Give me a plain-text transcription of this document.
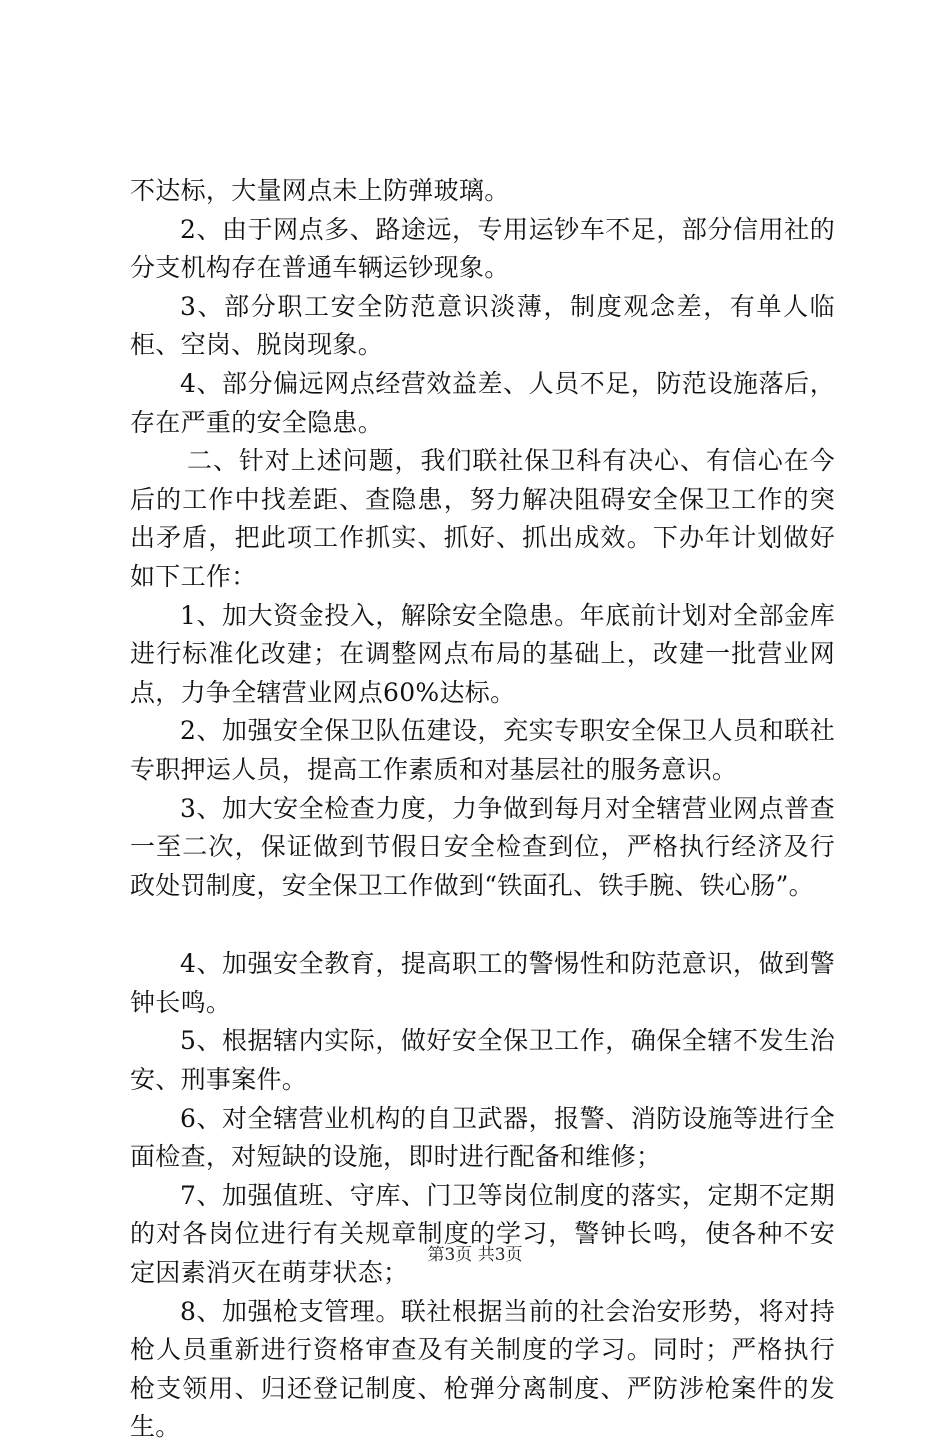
不达标，大量网点未上防弹玻璃。

2、由于网点多、路途远，专用运钞车不足，部分信用社的分支机构存在普通车辆运钞现象。

3、部分职工安全防范意识淡薄，制度观念差，有单人临柜、空岗、脱岗现象。

4、部分偏远网点经营效益差、人员不足，防范设施落后，存在严重的安全隐患。

二、针对上述问题，我们联社保卫科有决心、有信心在今后的工作中找差距、查隐患，努力解决阻碍安全保卫工作的突出矛盾，把此项工作抓实、抓好、抓出成效。下办年计划做好如下工作：

1、加大资金投入，解除安全隐患。年底前计划对全部金库进行标准化改建；在调整网点布局的基础上，改建一批营业网点，力争全辖营业网点60%达标。

2、加强安全保卫队伍建设，充实专职安全保卫人员和联社专职押运人员，提高工作素质和对基层社的服务意识。

3、加大安全检查力度，力争做到每月对全辖营业网点普查一至二次，保证做到节假日安全检查到位，严格执行经济及行政处罚制度，安全保卫工作做到“铁面孔、铁手腕、铁心肠”。

4、加强安全教育，提高职工的警惕性和防范意识，做到警钟长鸣。

5、根据辖内实际，做好安全保卫工作，确保全辖不发生治安、刑事案件。

6、对全辖营业机构的自卫武器，报警、消防设施等进行全面检查，对短缺的设施，即时进行配备和维修；

7、加强值班、守库、门卫等岗位制度的落实，定期不定期的对各岗位进行有关规章制度的学习，警钟长鸣，使各种不安定因素消灭在萌芽状态；

8、加强枪支管理。联社根据当前的社会治安形势，将对持枪人员重新进行资格审查及有关制度的学习。同时；严格执行枪支领用、归还登记制度、枪弹分离制度、严防涉枪案件的发生。

第3页 共3页
